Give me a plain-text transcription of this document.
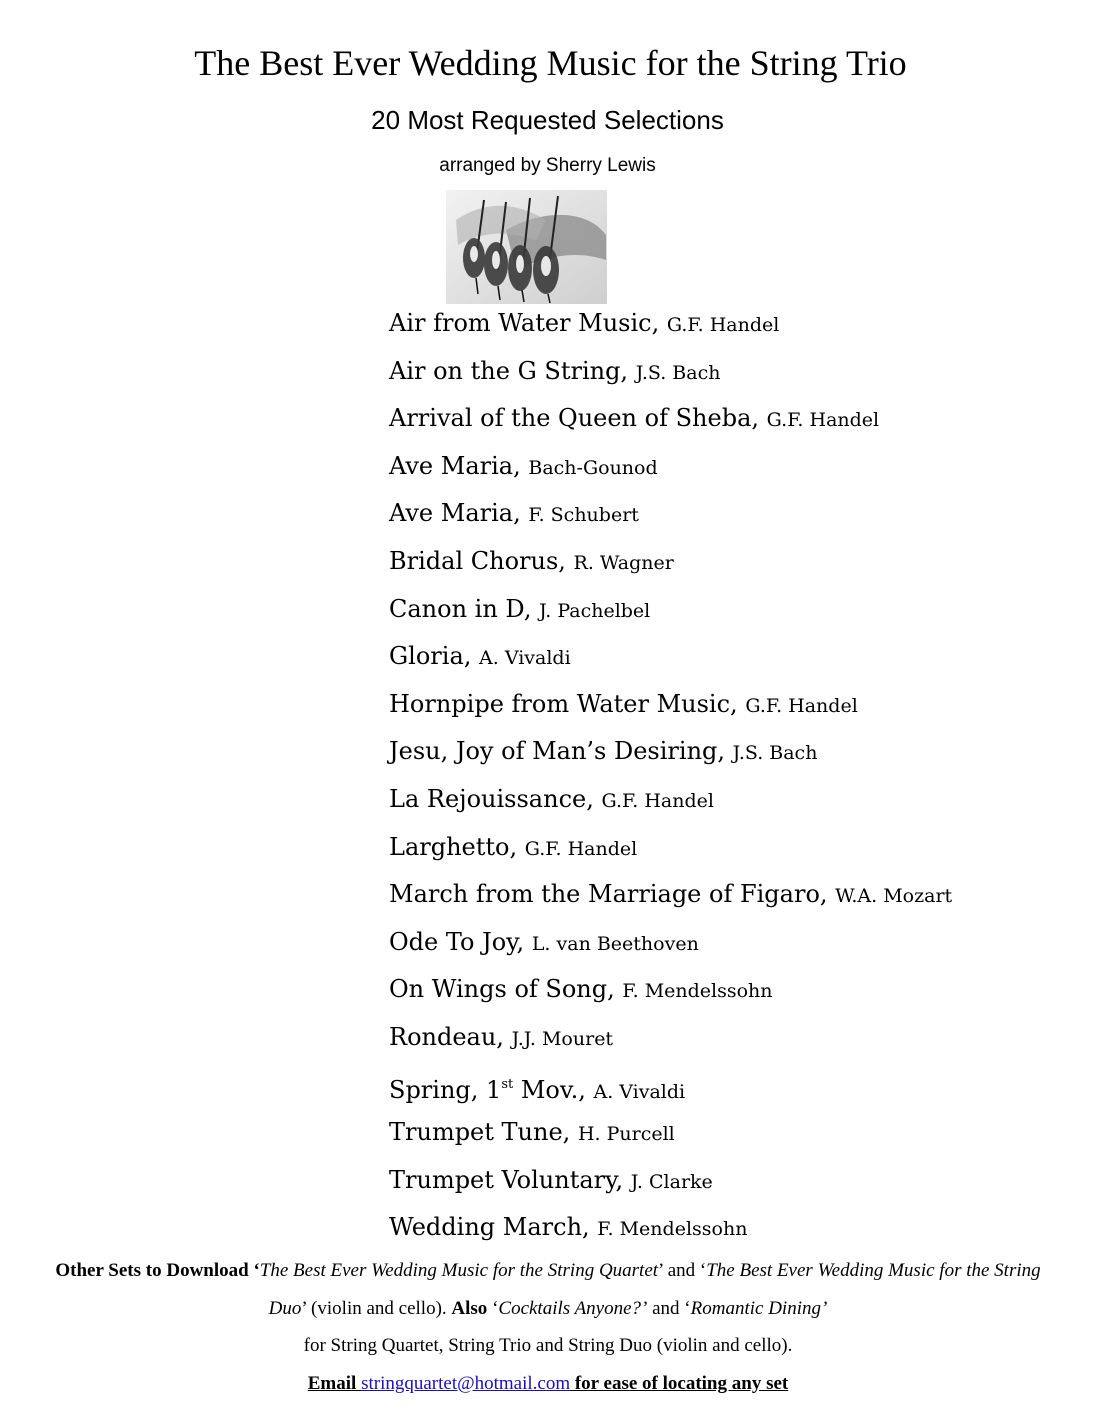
The Best Ever Wedding Music for the String Trio
20 Most Requested Selections
arranged by Sherry Lewis
Air from Water Music, G.F. Handel
Air on the G String, J.S. Bach
Arrival of the Queen of Sheba, G.F. Handel
Ave Maria, Bach-Gounod
Ave Maria, F. Schubert
Bridal Chorus, R. Wagner
Canon in D, J. Pachelbel
Gloria, A. Vivaldi
Hornpipe from Water Music, G.F. Handel
Jesu, Joy of Man’s Desiring, J.S. Bach
La Rejouissance, G.F. Handel
Larghetto, G.F. Handel
March from the Marriage of Figaro, W.A. Mozart
Ode To Joy, L. van Beethoven
On Wings of Song, F. Mendelssohn
Rondeau, J.J. Mouret
Spring, 1st Mov., A. Vivaldi
Trumpet Tune, H. Purcell
Trumpet Voluntary, J. Clarke
Wedding March, F. Mendelssohn

Other Sets to Download ‘The Best Ever Wedding Music for the String Quartet’ and ‘The Best Ever Wedding Music for the String Duo’ (violin and cello). Also ‘Cocktails Anyone?’ and ‘Romantic Dining’

for String Quartet, String Trio and String Duo (violin and cello).

Email stringquartet@hotmail.com for ease of locating any set
